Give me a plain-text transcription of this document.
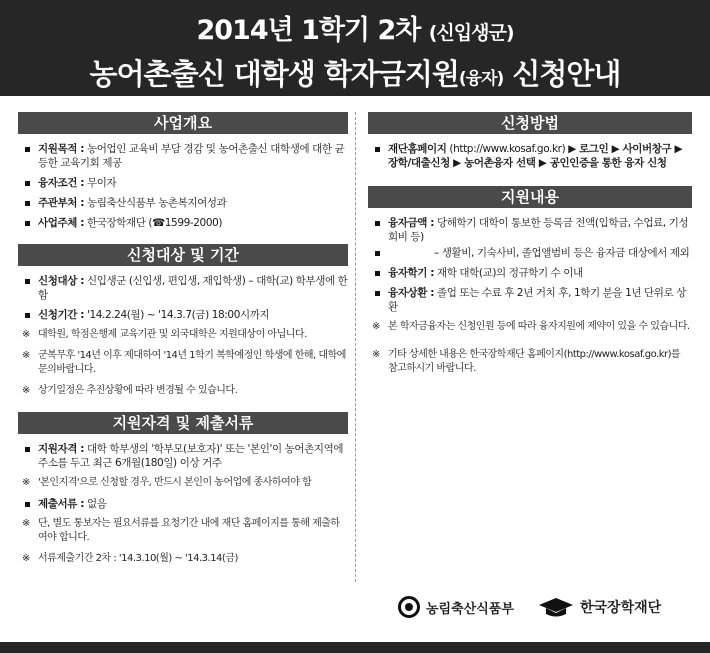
2014년 1학기 2차 (신입생군)
농어촌출신 대학생 학자금지원(융자) 신청안내
사업개요
지원목적 : 농어업인 교육비 부담 경감 및 농어촌출신 대학생에 대한 균등한 교육기회 제공
융자조건 : 무이자
주관부처 : 농림축산식품부 농촌복지여성과
사업주체 : 한국장학재단 (☎1599-2000)
신청대상 및 기간
신청대상 : 신입생군 (신입생, 편입생, 재입학생) – 대학(교) 학부생에 한함
신청기간 : '14.2.24(월) ~ '14.3.7(금) 18:00시까지
※ 대학원, 학점은행제 교육기관 및 외국대학은 지원대상이 아닙니다.
※ 군복무후 '14년 이후 제대하여 '14년 1학기 복학예정인 학생에 한해, 대학에 문의바랍니다.
※ 상기일정은 추진상황에 따라 변경될 수 있습니다.
지원자격 및 제출서류
지원자격 : 대학 학부생의 '학부모(보호자)' 또는 '본인'이 농어촌지역에 주소를 두고 최근 6개월(180일) 이상 거주
※ '본인지격'으로 신청할 경우, 반드시 본인이 농어업에 종사하여야 함
제출서류 : 없음
※ 단, 별도 통보자는 필요서류를 요청기간 내에 재단 홈페이지를 통해 제출하여야 합니다.
※ 서류제출기간 2차 : '14.3.10(월) ~ '14.3.14(금)
신청방법
재단홈페이지 (http://www.kosaf.go.kr) ▶ 로그인 ▶ 사이버창구 ▶ 장학/대출신청 ▶ 농어촌융자 선택 ▶ 공인인증을 통한 융자 신청
지원내용
융자금액 : 당해학기 대학이 통보한 등록금 전액(입학금, 수업료, 기성회비 등)
– 생활비, 기숙사비, 졸업앨범비 등은 융자금 대상에서 제외
융자학기 : 재학 대학(교)의 정규학기 수 이내
융자상환 : 졸업 또는 수료 후 2년 거치 후, 1학기 분을 1년 단위로 상환
※ 본 학자금융자는 신청인원 등에 따라 융자지원에 제약이 있을 수 있습니다.
※ 기타 상세한 내용은 한국장학재단 홈페이지(http://www.kosaf.go.kr)를 참고하시기 바랍니다.
농림축산식품부	한국장학재단
